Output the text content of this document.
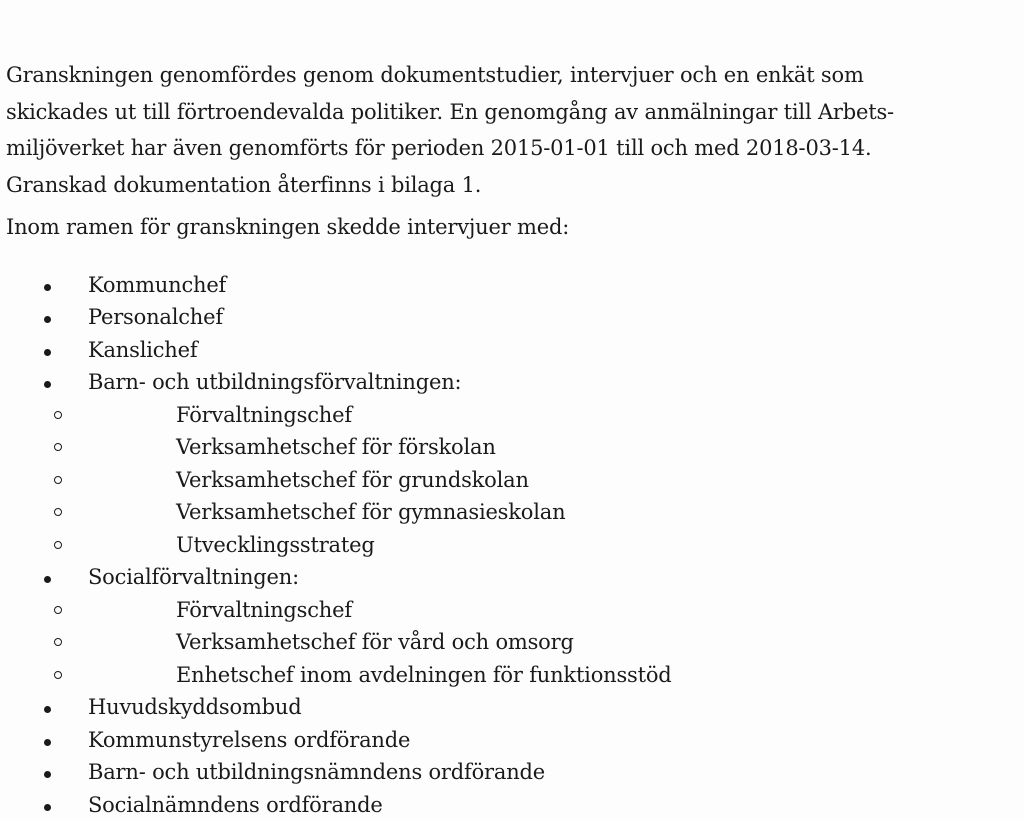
Granskningen genomfördes genom dokumentstudier, intervjuer och en enkät som
skickades ut till förtroendevalda politiker. En genomgång av anmälningar till Arbets-
miljöverket har även genomförts för perioden 2015-01-01 till och med 2018-03-14.
Granskad dokumentation återfinns i bilaga 1.

Inom ramen för granskningen skedde intervjuer med:

Kommunchef
Personalchef
Kanslichef
Barn- och utbildningsförvaltningen:
Förvaltningschef
Verksamhetschef för förskolan
Verksamhetschef för grundskolan
Verksamhetschef för gymnasieskolan
Utvecklingsstrateg
Socialförvaltningen:
Förvaltningschef
Verksamhetschef för vård och omsorg
Enhetschef inom avdelningen för funktionsstöd
Huvudskyddsombud
Kommunstyrelsens ordförande
Barn- och utbildningsnämndens ordförande
Socialnämndens ordförande
